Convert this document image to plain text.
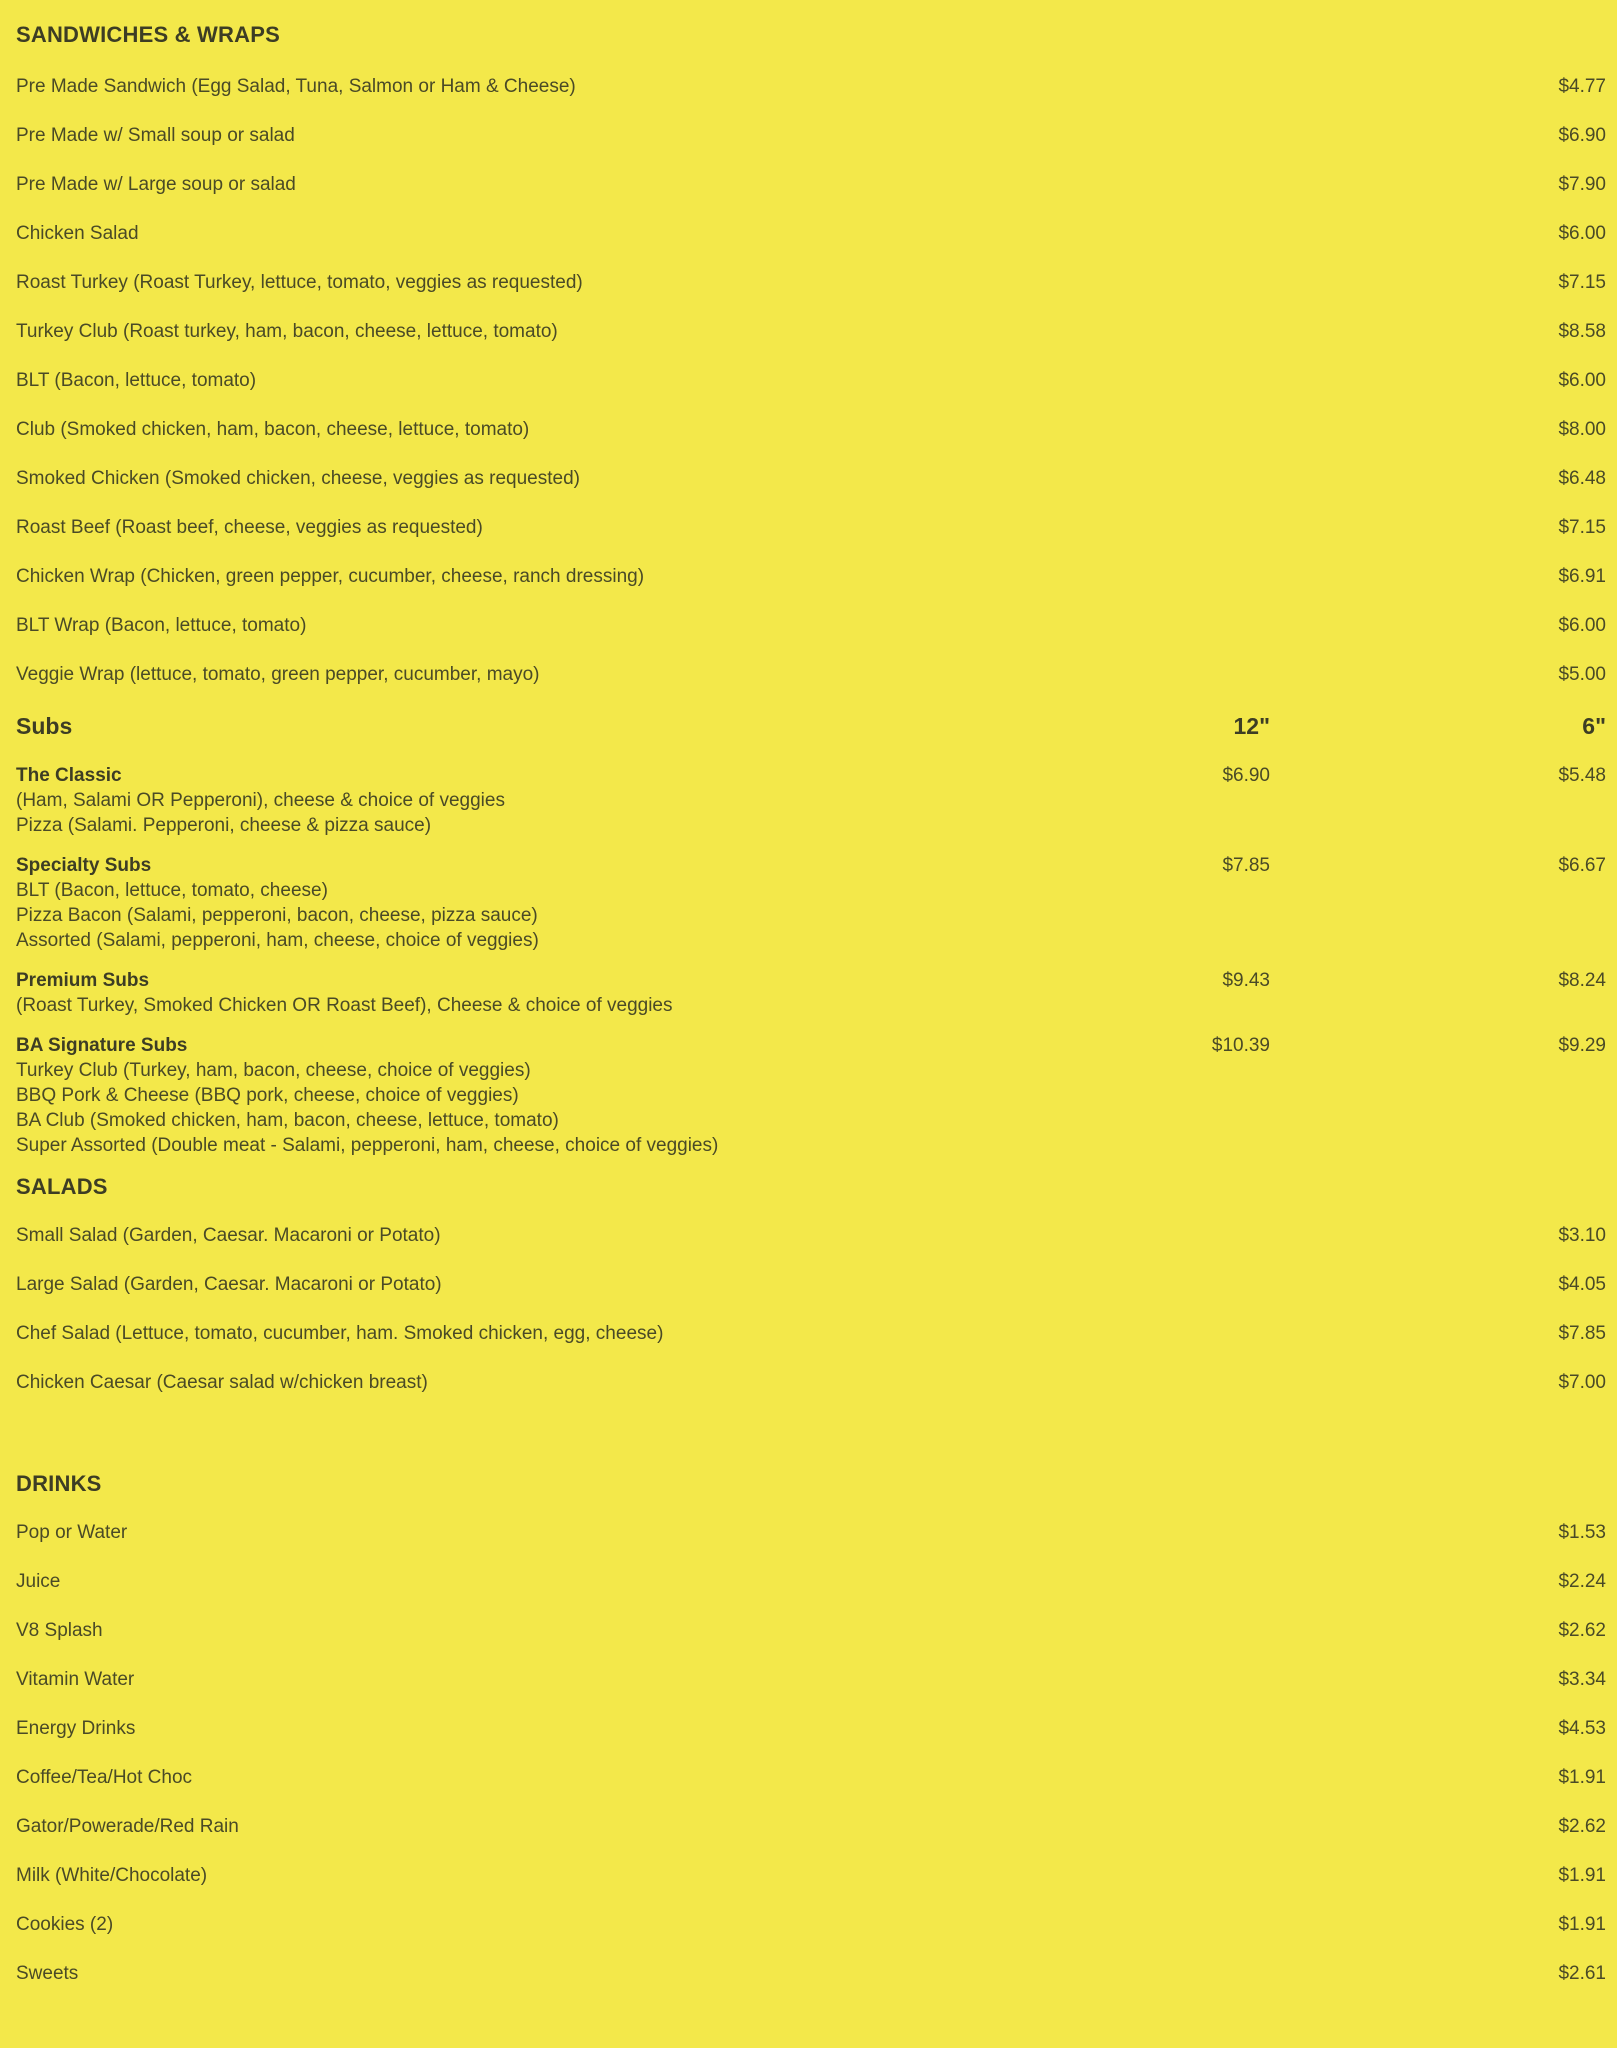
SANDWICHES & WRAPS
Pre Made Sandwich (Egg Salad, Tuna, Salmon or Ham & Cheese)	$4.77
Pre Made w/ Small soup or salad	$6.90
Pre Made w/ Large soup or salad	$7.90
Chicken Salad	$6.00
Roast Turkey (Roast Turkey, lettuce, tomato, veggies as requested)	$7.15
Turkey Club (Roast turkey, ham, bacon, cheese, lettuce, tomato)	$8.58
BLT (Bacon, lettuce, tomato)	$6.00
Club (Smoked chicken, ham, bacon, cheese, lettuce, tomato)	$8.00
Smoked Chicken (Smoked chicken, cheese, veggies as requested)	$6.48
Roast Beef (Roast beef, cheese, veggies as requested)	$7.15
Chicken Wrap (Chicken, green pepper, cucumber, cheese, ranch dressing)	$6.91
BLT Wrap (Bacon, lettuce, tomato)	$6.00
Veggie Wrap (lettuce, tomato, green pepper, cucumber, mayo)	$5.00
Subs	12"	6"
The Classic
(Ham, Salami OR Pepperoni), cheese & choice of veggies
Pizza (Salami. Pepperoni, cheese & pizza sauce)
$6.90	$5.48
Specialty Subs
BLT (Bacon, lettuce, tomato, cheese)
Pizza Bacon (Salami, pepperoni, bacon, cheese, pizza sauce)
Assorted (Salami, pepperoni, ham, cheese, choice of veggies)
$7.85	$6.67
Premium Subs
(Roast Turkey, Smoked Chicken OR Roast Beef), Cheese & choice of veggies
$9.43	$8.24
BA Signature Subs
Turkey Club (Turkey, ham, bacon, cheese, choice of veggies)
BBQ Pork & Cheese (BBQ pork, cheese, choice of veggies)
BA Club (Smoked chicken, ham, bacon, cheese, lettuce, tomato)
Super Assorted (Double meat - Salami, pepperoni, ham, cheese, choice of veggies)
$10.39	$9.29
SALADS
Small Salad (Garden, Caesar. Macaroni or Potato)	$3.10
Large Salad (Garden, Caesar. Macaroni or Potato)	$4.05
Chef Salad (Lettuce, tomato, cucumber, ham. Smoked chicken, egg, cheese)	$7.85
Chicken Caesar (Caesar salad w/chicken breast)	$7.00
DRINKS
Pop or Water	$1.53
Juice	$2.24
V8 Splash	$2.62
Vitamin Water	$3.34
Energy Drinks	$4.53
Coffee/Tea/Hot Choc	$1.91
Gator/Powerade/Red Rain	$2.62
Milk (White/Chocolate)	$1.91
Cookies (2)	$1.91
Sweets	$2.61
